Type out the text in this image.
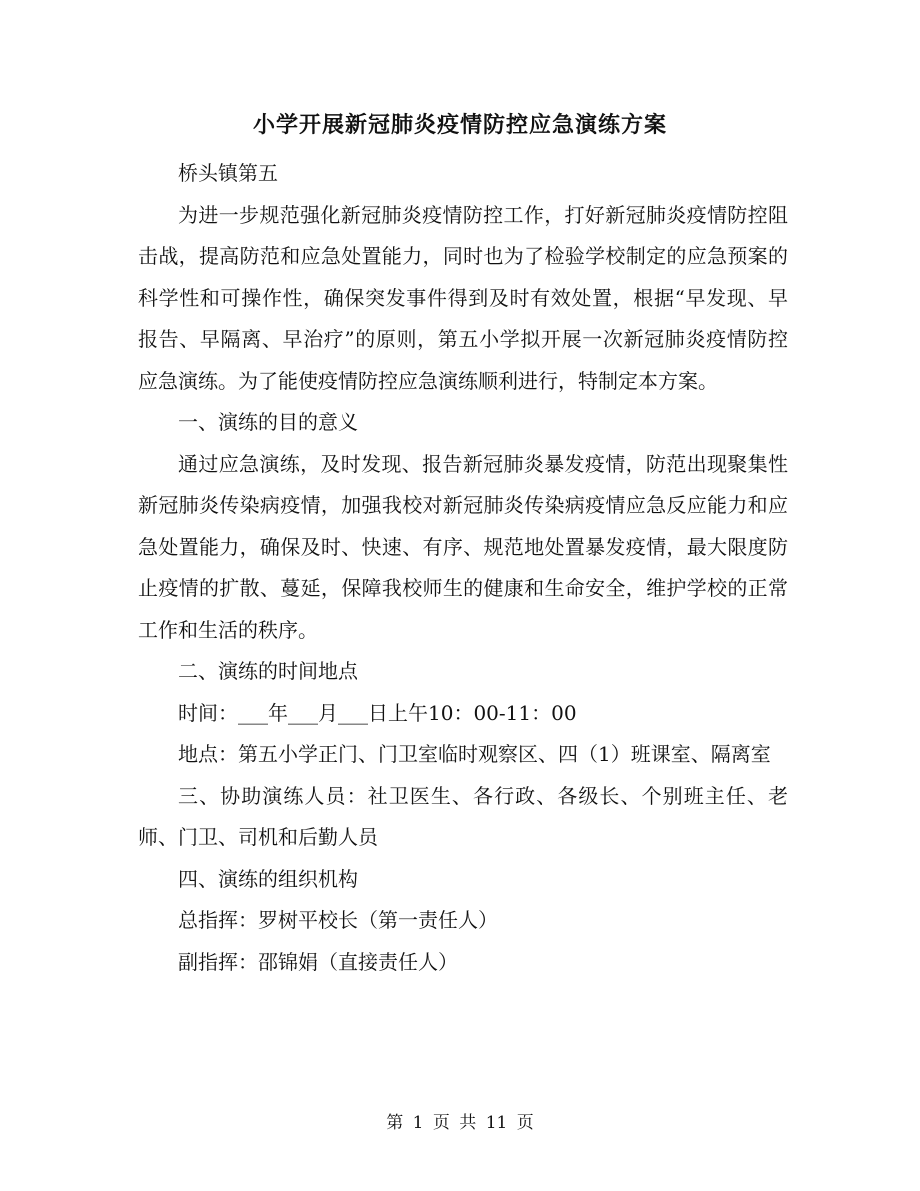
小学开展新冠肺炎疫情防控应急演练方案

桥头镇第五

为进一步规范强化新冠肺炎疫情防控工作，打好新冠肺炎疫情防控阻击战，提高防范和应急处置能力，同时也为了检验学校制定的应急预案的科学性和可操作性，确保突发事件得到及时有效处置，根据“早发现、早报告、早隔离、早治疗”的原则，第五小学拟开展一次新冠肺炎疫情防控应急演练。为了能使疫情防控应急演练顺利进行，特制定本方案。

一、演练的目的意义

通过应急演练，及时发现、报告新冠肺炎暴发疫情，防范出现聚集性新冠肺炎传染病疫情，加强我校对新冠肺炎传染病疫情应急反应能力和应急处置能力，确保及时、快速、有序、规范地处置暴发疫情，最大限度防止疫情的扩散、蔓延，保障我校师生的健康和生命安全，维护学校的正常工作和生活的秩序。

二、演练的时间地点

时间：___年___月___日上午10：00-11：00

地点：第五小学正门、门卫室临时观察区、四（1）班课室、隔离室

三、协助演练人员：社卫医生、各行政、各级长、个别班主任、老师、门卫、司机和后勤人员

四、演练的组织机构

总指挥：罗树平校长（第一责任人）

副指挥：邵锦娟（直接责任人）

第 1 页 共 11 页
